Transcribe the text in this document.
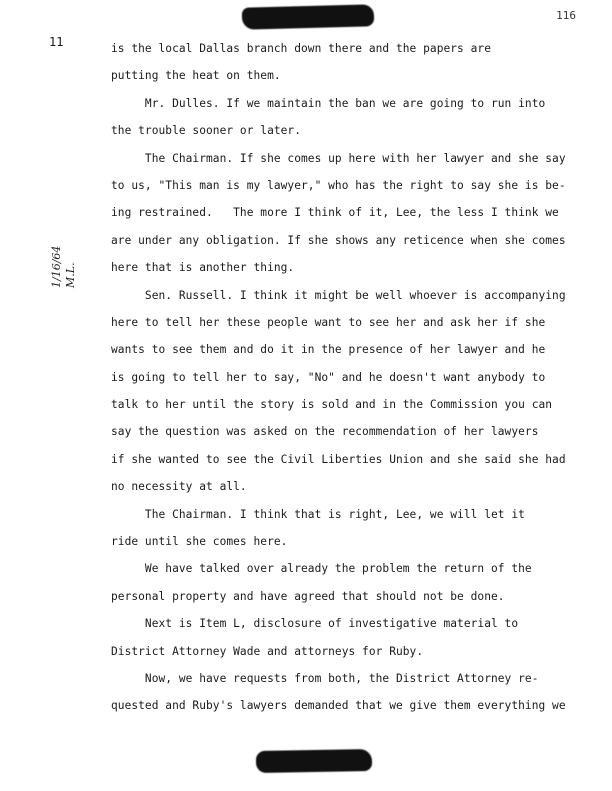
116
11
1/16/64 M.L.
is the local Dallas branch down there and the papers are
putting the heat on them.
Mr. Dulles. If we maintain the ban we are going to run into
the trouble sooner or later.
The Chairman. If she comes up here with her lawyer and she say
to us, "This man is my lawyer," who has the right to say she is be-
ing restrained.   The more I think of it, Lee, the less I think we
are under any obligation. If she shows any reticence when she comes
here that is another thing.
Sen. Russell. I think it might be well whoever is accompanying
here to tell her these people want to see her and ask her if she
wants to see them and do it in the presence of her lawyer and he
is going to tell her to say, "No" and he doesn't want anybody to
talk to her until the story is sold and in the Commission you can
say the question was asked on the recommendation of her lawyers
if she wanted to see the Civil Liberties Union and she said she had
no necessity at all.
The Chairman. I think that is right, Lee, we will let it
ride until she comes here.
We have talked over already the problem the return of the
personal property and have agreed that should not be done.
Next is Item L, disclosure of investigative material to
District Attorney Wade and attorneys for Ruby.
Now, we have requests from both, the District Attorney re-
quested and Ruby's lawyers demanded that we give them everything we
